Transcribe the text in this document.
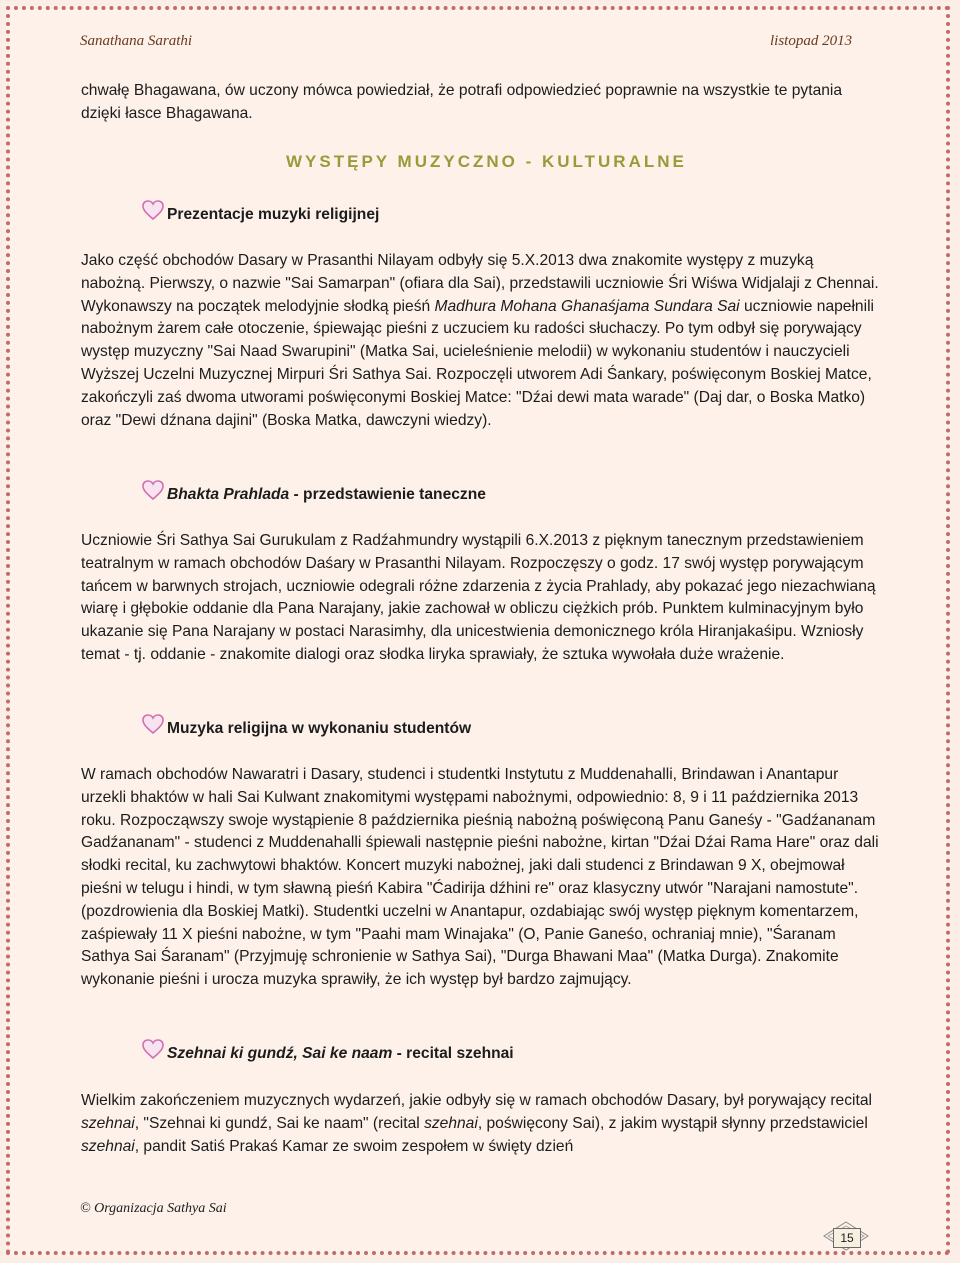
Sanathana Sarathi	listopad 2013

chwałę Bhagawana, ów uczony mówca powiedział, że potrafi odpowiedzieć poprawnie na wszystkie te pytania dzięki łasce Bhagawana.

WYSTĘPY MUZYCZNO - KULTURALNE
Prezentacje muzyki religijnej

Jako część obchodów Dasary w Prasanthi Nilayam odbyły się 5.X.2013 dwa znakomite występy z muzyką nabożną. Pierwszy, o nazwie "Sai Samarpan" (ofiara dla Sai), przedstawili uczniowie Śri Wiśwa Widjalaji z Chennai. Wykonawszy na początek melodyjnie słodką pieśń Madhura Mohana Ghanaśjama Sundara Sai uczniowie napełnili nabożnym żarem całe otoczenie, śpiewając pieśni z uczuciem ku radości słuchaczy. Po tym odbył się porywający występ muzyczny "Sai Naad Swarupini" (Matka Sai, ucieleśnienie melodii) w wykonaniu studentów i nauczycieli Wyższej Uczelni Muzycznej Mirpuri Śri Sathya Sai. Rozpoczęli utworem Adi Śankary, poświęconym Boskiej Matce, zakończyli zaś dwoma utworami poświęconymi Boskiej Matce: "Dźai dewi mata warade" (Daj dar, o Boska Matko) oraz "Dewi dźnana dajini" (Boska Matka, dawczyni wiedzy).

Bhakta Prahlada - przedstawienie taneczne

Uczniowie Śri Sathya Sai Gurukulam z Radźahmundry wystąpili 6.X.2013 z pięknym tanecznym przedstawieniem teatralnym w ramach obchodów Daśary w Prasanthi Nilayam. Rozpoczęszy o godz. 17 swój występ porywającym tańcem w barwnych strojach, uczniowie odegrali różne zdarzenia z życia Prahlady, aby pokazać jego niezachwianą wiarę i głębokie oddanie dla Pana Narajany, jakie zachował w obliczu ciężkich prób. Punktem kulminacyjnym było ukazanie się Pana Narajany w postaci Narasimhy, dla unicestwienia demonicznego króla Hiranjakaśipu. Wzniosły temat - tj. oddanie - znakomite dialogi oraz słodka liryka sprawiały, że sztuka wywołała duże wrażenie.

Muzyka religijna w wykonaniu studentów

W ramach obchodów Nawaratri i Dasary, studenci i studentki Instytutu z Muddenahalli, Brindawan i Anantapur urzekli bhaktów w hali Sai Kulwant znakomitymi występami nabożnymi, odpowiednio: 8, 9 i 11 października 2013 roku. Rozpocząwszy swoje wystąpienie 8 października pieśnią nabożną poświęconą Panu Ganeśy - "Gadźananam Gadźananam" - studenci z Muddenahalli śpiewali następnie pieśni nabożne, kirtan "Dźai Dźai Rama Hare" oraz dali słodki recital, ku zachwytowi bhaktów. Koncert muzyki nabożnej, jaki dali studenci z Brindawan 9 X, obejmował pieśni w telugu i hindi, w tym sławną pieśń Kabira "Ćadirija dźhini re" oraz klasyczny utwór "Narajani namostute". (pozdrowienia dla Boskiej Matki). Studentki uczelni w Anantapur, ozdabiając swój występ pięknym komentarzem, zaśpiewały 11 X pieśni nabożne, w tym "Paahi mam Winajaka" (O, Panie Ganeśo, ochraniaj mnie), "Śaranam Sathya Sai Śaranam" (Przyjmuję schronienie w Sathya Sai), "Durga Bhawani Maa" (Matka Durga). Znakomite wykonanie pieśni i urocza muzyka sprawiły, że ich występ był bardzo zajmujący.

Szehnai ki gundź, Sai ke naam - recital szehnai

Wielkim zakończeniem muzycznych wydarzeń, jakie odbyły się w ramach obchodów Dasary, był porywający recital szehnai, "Szehnai ki gundź, Sai ke naam" (recital szehnai, poświęcony Sai), z jakim wystąpił słynny przedstawiciel szehnai, pandit Satiś Prakaś Kamar ze swoim zespołem w święty dzień

© Organizacja Sathya Sai
15
